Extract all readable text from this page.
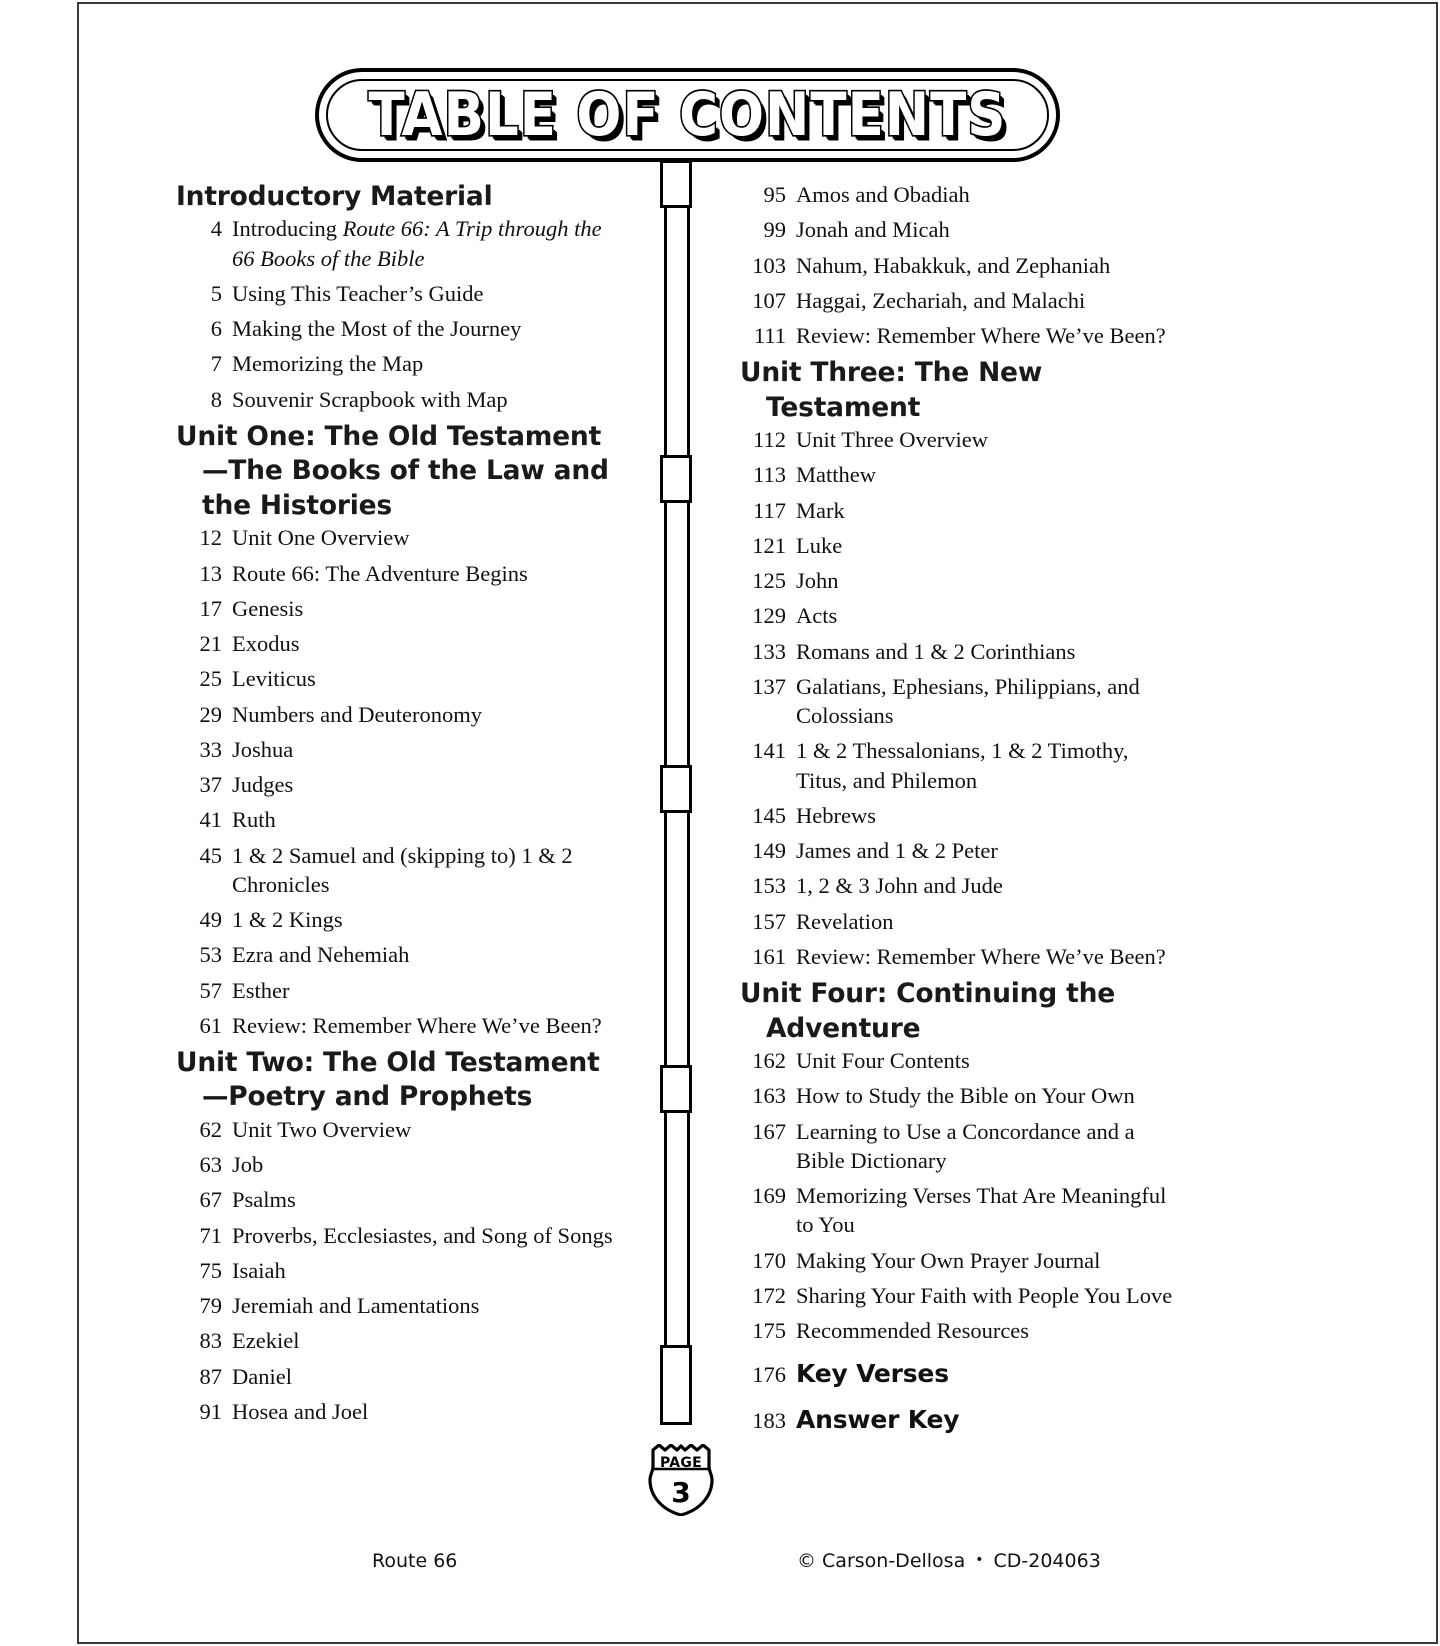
TABLE OF CONTENTS
Introductory Material
4 Introducing Route 66: A Trip through the 66 Books of the Bible
5 Using This Teacher’s Guide
6 Making the Most of the Journey
7 Memorizing the Map
8 Souvenir Scrapbook with Map
Unit One: The Old Testament—The Books of the Law and the Histories
12 Unit One Overview
13 Route 66: The Adventure Begins
17 Genesis
21 Exodus
25 Leviticus
29 Numbers and Deuteronomy
33 Joshua
37 Judges
41 Ruth
45 1 & 2 Samuel and (skipping to) 1 & 2 Chronicles
49 1 & 2 Kings
53 Ezra and Nehemiah
57 Esther
61 Review: Remember Where We’ve Been?
Unit Two: The Old Testament—Poetry and Prophets
62 Unit Two Overview
63 Job
67 Psalms
71 Proverbs, Ecclesiastes, and Song of Songs
75 Isaiah
79 Jeremiah and Lamentations
83 Ezekiel
87 Daniel
91 Hosea and Joel
95 Amos and Obadiah
99 Jonah and Micah
103 Nahum, Habakkuk, and Zephaniah
107 Haggai, Zechariah, and Malachi
111 Review: Remember Where We’ve Been?
Unit Three: The New Testament
112 Unit Three Overview
113 Matthew
117 Mark
121 Luke
125 John
129 Acts
133 Romans and 1 & 2 Corinthians
137 Galatians, Ephesians, Philippians, and Colossians
141 1 & 2 Thessalonians, 1 & 2 Timothy, Titus, and Philemon
145 Hebrews
149 James and 1 & 2 Peter
153 1, 2 & 3 John and Jude
157 Revelation
161 Review: Remember Where We’ve Been?
Unit Four: Continuing the Adventure
162 Unit Four Contents
163 How to Study the Bible on Your Own
167 Learning to Use a Concordance and a Bible Dictionary
169 Memorizing Verses That Are Meaningful to You
170 Making Your Own Prayer Journal
172 Sharing Your Faith with People You Love
175 Recommended Resources
176 Key Verses
183 Answer Key
PAGE
3
Route 66	© Carson-Dellosa • CD-204063
